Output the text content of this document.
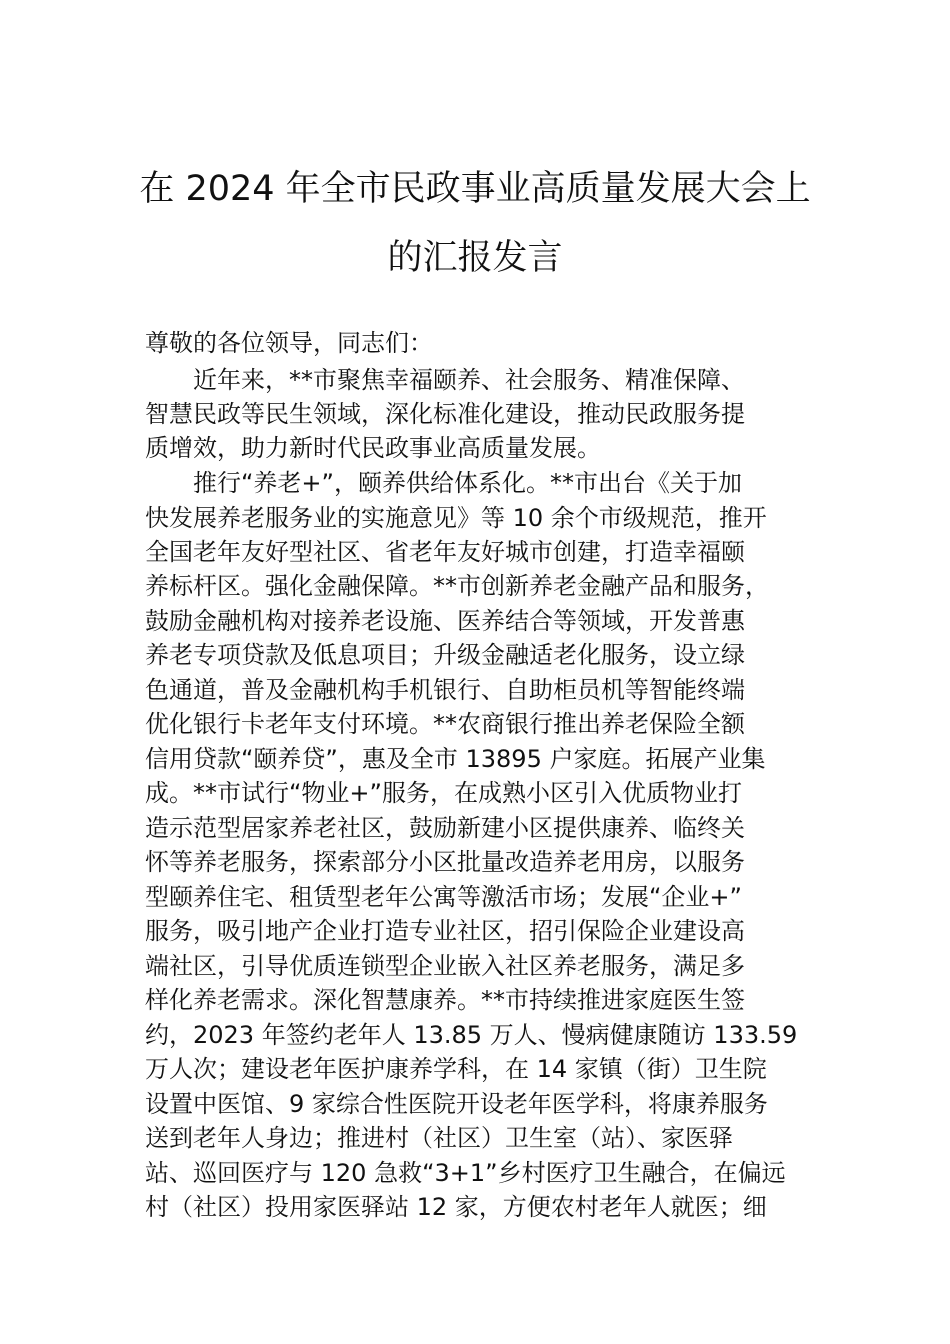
在 2024 年全市民政事业高质量发展大会上
的汇报发言
尊敬的各位领导，同志们：
近年来，**市聚焦幸福颐养、社会服务、精准保障、
智慧民政等民生领域，深化标准化建设，推动民政服务提
质增效，助力新时代民政事业高质量发展。
推行“养老+”，颐养供给体系化。**市出台《关于加
快发展养老服务业的实施意见》等 10 余个市级规范，推开
全国老年友好型社区、省老年友好城市创建，打造幸福颐
养标杆区。强化金融保障。**市创新养老金融产品和服务，
鼓励金融机构对接养老设施、医养结合等领域，开发普惠
养老专项贷款及低息项目；升级金融适老化服务，设立绿
色通道，普及金融机构手机银行、自助柜员机等智能终端
优化银行卡老年支付环境。**农商银行推出养老保险全额
信用贷款“颐养贷”，惠及全市 13895 户家庭。拓展产业集
成。**市试行“物业+”服务，在成熟小区引入优质物业打
造示范型居家养老社区，鼓励新建小区提供康养、临终关
怀等养老服务，探索部分小区批量改造养老用房，以服务
型颐养住宅、租赁型老年公寓等激活市场；发展“企业+”
服务，吸引地产企业打造专业社区，招引保险企业建设高
端社区，引导优质连锁型企业嵌入社区养老服务，满足多
样化养老需求。深化智慧康养。**市持续推进家庭医生签
约，2023 年签约老年人 13.85 万人、慢病健康随访 133.59
万人次；建设老年医护康养学科，在 14 家镇（街）卫生院
设置中医馆、9 家综合性医院开设老年医学科，将康养服务
送到老年人身边；推进村（社区）卫生室（站）、家医驿
站、巡回医疗与 120 急救“3+1”乡村医疗卫生融合，在偏远
村（社区）投用家医驿站 12 家，方便农村老年人就医；细
